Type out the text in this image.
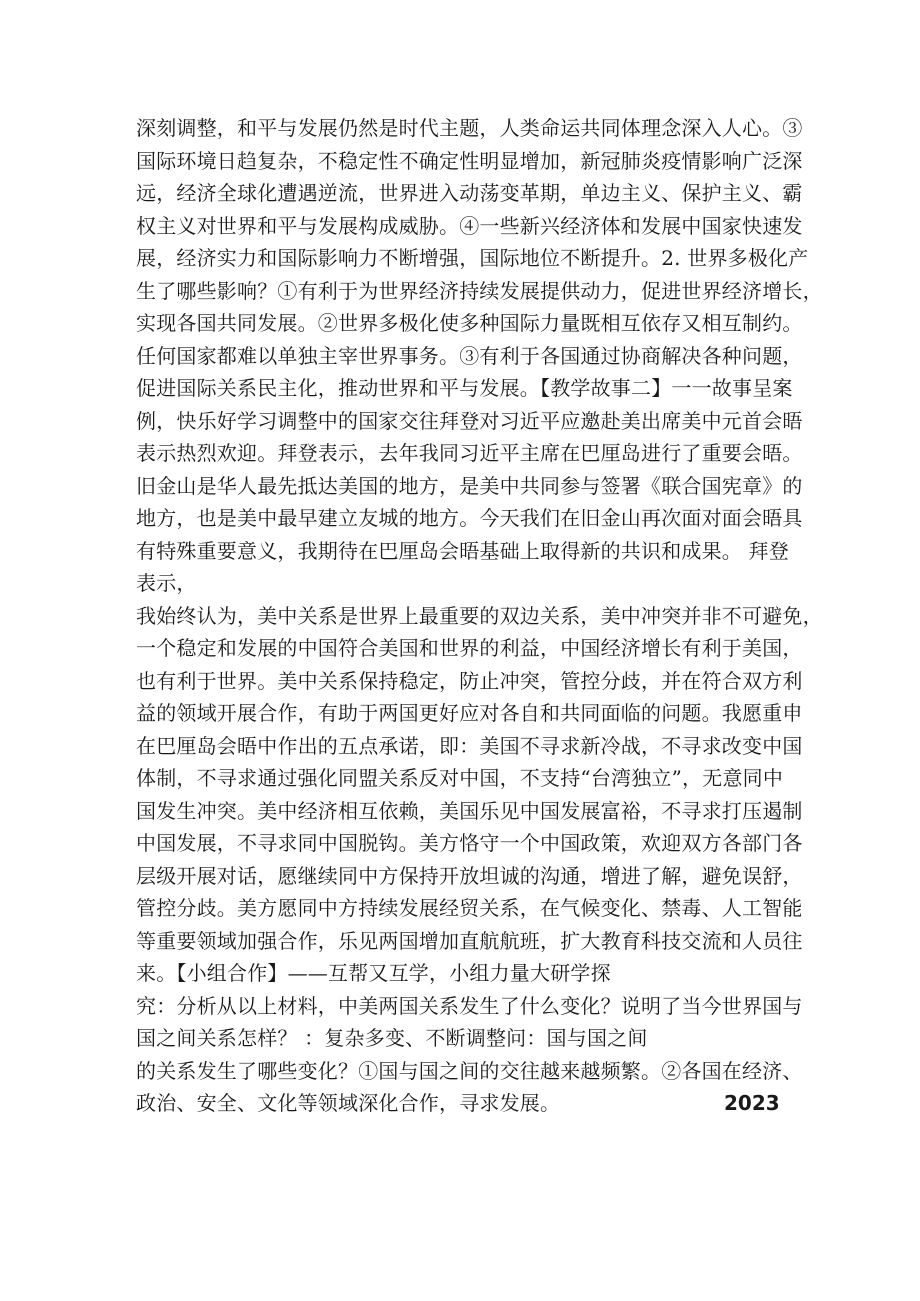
深刻调整，和平与发展仍然是时代主题，人类命运共同体理念深入人心。③

国际环境日趋复杂，不稳定性不确定性明显增加，新冠肺炎疫情影响广泛深

远，经济全球化遭遇逆流，世界进入动荡变革期，单边主义、保护主义、霸

权主义对世界和平与发展构成威胁。④一些新兴经济体和发展中国家快速发

展，经济实力和国际影响力不断增强，国际地位不断提升。2. 世界多极化产

生了哪些影响？①有利于为世界经济持续发展提供动力，促进世界经济增长，

实现各国共同发展。②世界多极化使多种国际力量既相互依存又相互制约。

任何国家都难以单独主宰世界事务。③有利于各国通过协商解决各种问题，

促进国际关系民主化，推动世界和平与发展。【教学故事二】一一故事呈案

例，快乐好学习调整中的国家交往拜登对习近平应邀赴美出席美中元首会晤

表示热烈欢迎。拜登表示，去年我同习近平主席在巴厘岛进行了重要会晤。

旧金山是华人最先抵达美国的地方，是美中共同参与签署《联合国宪章》的

地方，也是美中最早建立友城的地方。今天我们在旧金山再次面对面会晤具

有特殊重要意义，我期待在巴厘岛会晤基础上取得新的共识和成果。 拜登

表示，

我始终认为，美中关系是世界上最重要的双边关系，美中冲突并非不可避免，

一个稳定和发展的中国符合美国和世界的利益，中国经济增长有利于美国，

也有利于世界。美中关系保持稳定，防止冲突，管控分歧，并在符合双方利

益的领域开展合作，有助于两国更好应对各自和共同面临的问题。我愿重申

在巴厘岛会晤中作出的五点承诺，即：美国不寻求新冷战，不寻求改变中国

体制，不寻求通过强化同盟关系反对中国，不支持“台湾独立”，无意同中

国发生冲突。美中经济相互依赖，美国乐见中国发展富裕，不寻求打压遏制

中国发展，不寻求同中国脱钩。美方恪守一个中国政策，欢迎双方各部门各

层级开展对话，愿继续同中方保持开放坦诚的沟通，增进了解，避免误舒，

管控分歧。美方愿同中方持续发展经贸关系，在气候变化、禁毒、人工智能

等重要领域加强合作，乐见两国增加直航航班，扩大教育科技交流和人员往

来。【小组合作】——互帮又互学，小组力量大研学探

究：分析从以上材料，中美两国关系发生了什么变化？说明了当今世界国与

国之间关系怎样？ ：复杂多变、不断调整问：国与国之间

的关系发生了哪些变化？①国与国之间的交往越来越频繁。②各国在经济、

政治、安全、文化等领域深化合作，寻求发展。	2023
